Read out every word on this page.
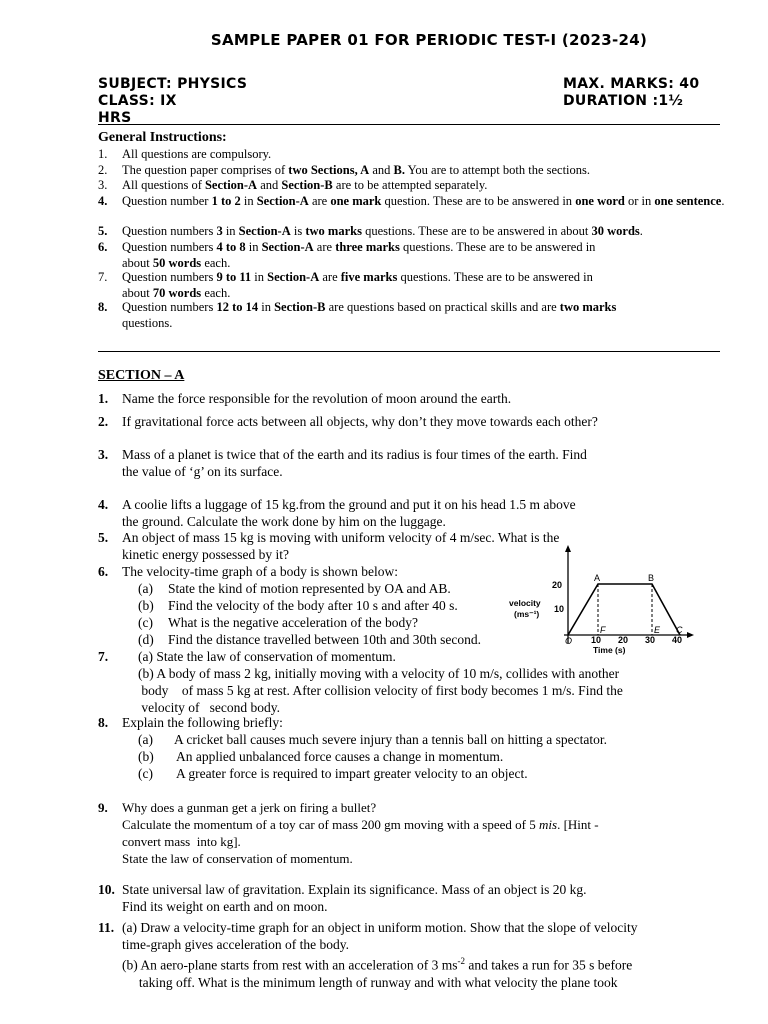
SAMPLE PAPER 01 FOR PERIODIC TEST-I (2023-24)
SUBJECT: PHYSICS
CLASS: IX
HRS
MAX. MARKS: 40
DURATION :1½
General Instructions:
1. All questions are compulsory.
2. The question paper comprises of two Sections, A and B. You are to attempt both the sections.
3. All questions of Section-A and Section-B are to be attempted separately.
4. Question number 1 to 2 in Section-A are one mark question. These are to be answered in one word or in one sentence.
5. Question numbers 3 in Section-A is two marks questions. These are to be answered in about 30 words.
6. Question numbers 4 to 8 in Section-A are three marks questions. These are to be answered in
about 50 words each.
7. Question numbers 9 to 11 in Section-A are five marks questions. These are to be answered in
about 70 words each.
8. Question numbers 12 to 14 in Section-B are questions based on practical skills and are two marks
questions.
SECTION – A
1. Name the force responsible for the revolution of moon around the earth.
2. If gravitational force acts between all objects, why don’t they move towards each other?
3. Mass of a planet is twice that of the earth and its radius is four times of the earth. Find
the value of ‘g’ on its surface.
4. A coolie lifts a luggage of 15 kg.from the ground and put it on his head 1.5 m above
the ground. Calculate the work done by him on the luggage.
5. An object of mass 15 kg is moving with uniform velocity of 4 m/sec. What is the
kinetic energy possessed by it?
6. The velocity-time graph of a body is shown below:
(a) State the kind of motion represented by OA and AB.
(b) Find the velocity of the body after 10 s and after 40 s.
(c) What is the negative acceleration of the body?
(d) Find the distance travelled between 10th and 30th second.
20
10
velocity
(ms⁻¹)
O
A	B
C
E
F
10 20 30 40
Time (s)
7. (a) State the law of conservation of momentum.
(b) A body of mass 2 kg, initially moving with a velocity of 10 m/s, collides with another
body    of mass 5 kg at rest. After collision velocity of first body becomes 1 m/s. Find the
velocity of   second body.
8. Explain the following briefly:
(a) A cricket ball causes much severe injury than a tennis ball on hitting a spectator.
(b) An applied unbalanced force causes a change in momentum.
(c) A greater force is required to impart greater velocity to an object.
9. Why does a gunman get a jerk on firing a bullet?
Calculate the momentum of a toy car of mass 200 gm moving with a speed of 5 mis. [Hint -
convert mass  into kg].
State the law of conservation of momentum.
10. State universal law of gravitation. Explain its significance. Mass of an object is 20 kg.
Find its weight on earth and on moon.
11. (a) Draw a velocity-time graph for an object in uniform motion. Show that the slope of velocity
time-graph gives acceleration of the body.
(b) An aero-plane starts from rest with an acceleration of 3 $ms^{-2}$ and takes a run for 35 s before
taking off. What is the minimum length of runway and with what velocity the plane took
